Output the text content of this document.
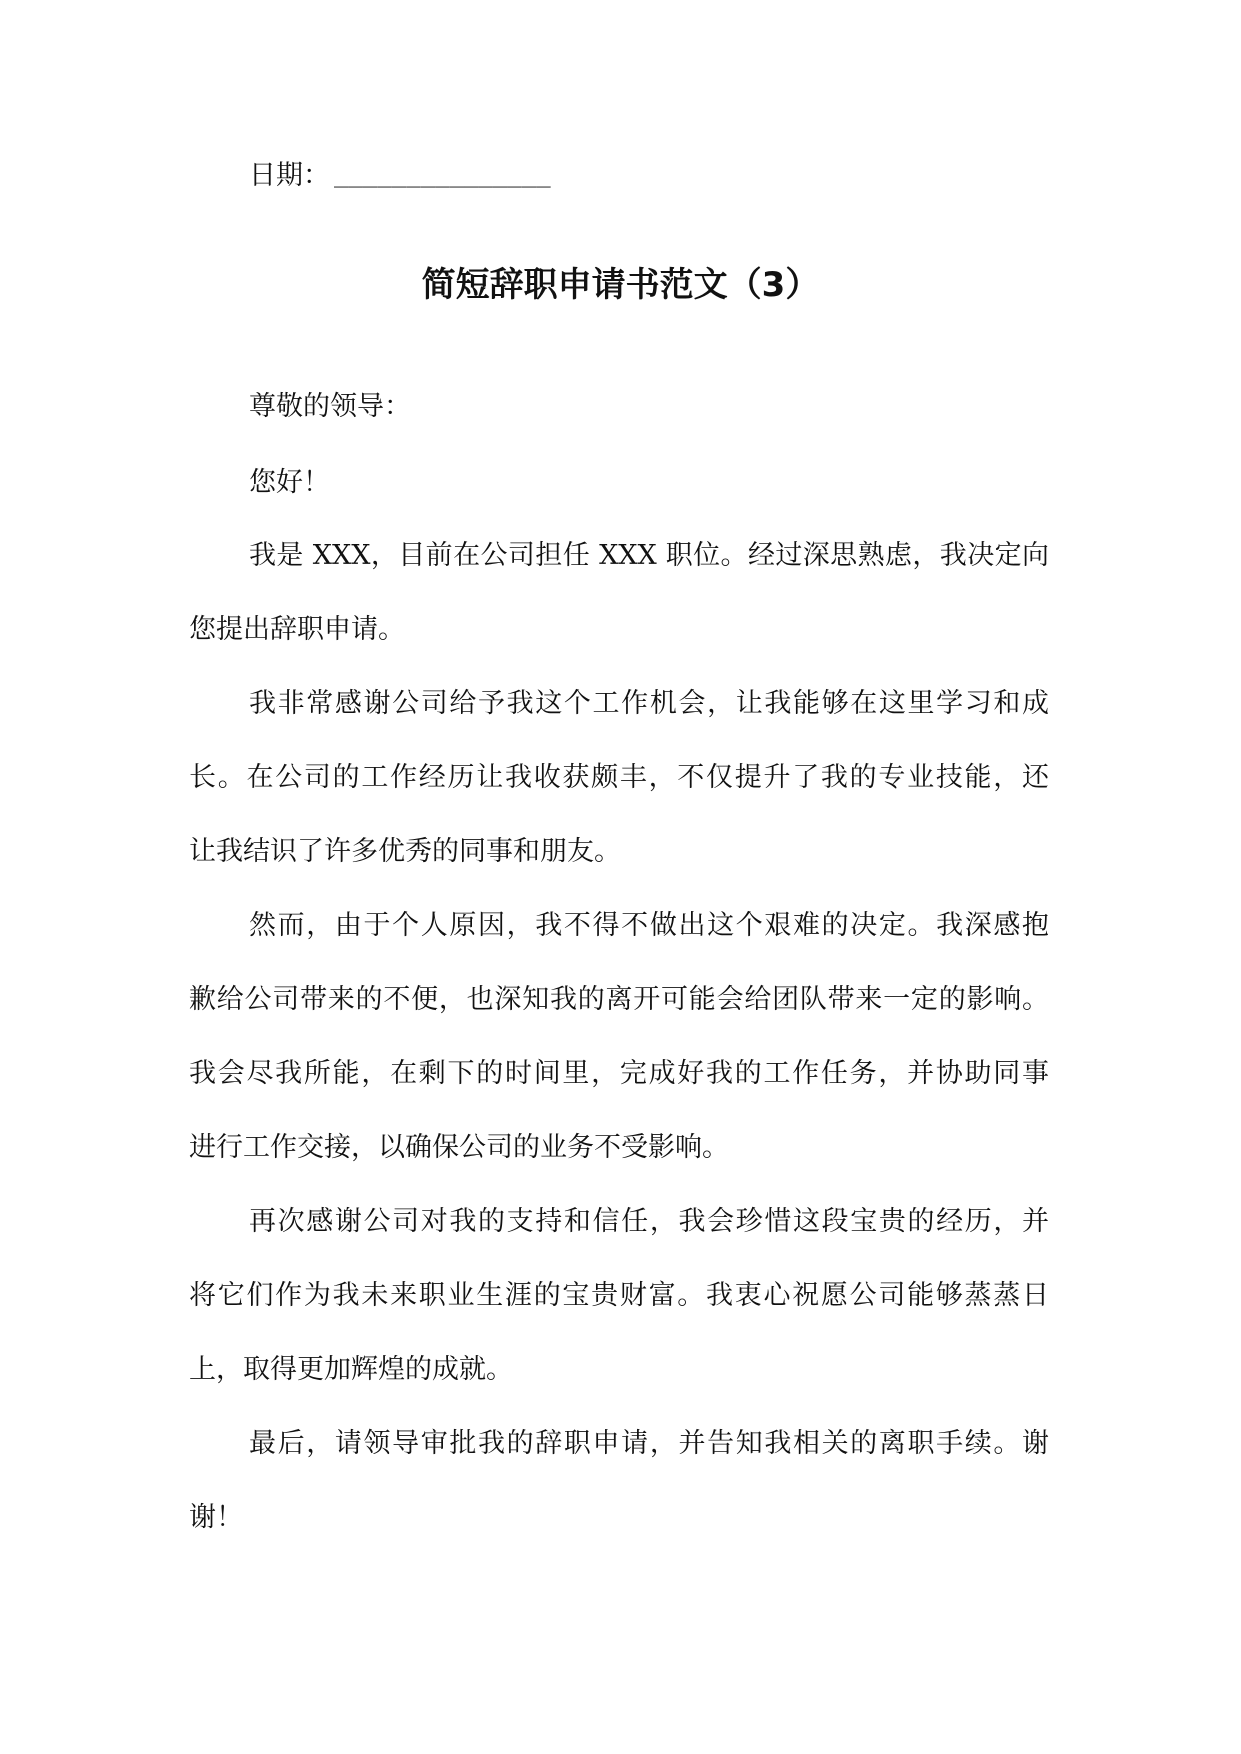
日期： _______________
简短辞职申请书范文（3）
尊敬的领导：
您好！
我是 XXX，目前在公司担任 XXX 职位。经过深思熟虑，我决定向
您提出辞职申请。
我非常感谢公司给予我这个工作机会，让我能够在这里学习和成
长。在公司的工作经历让我收获颇丰，不仅提升了我的专业技能，还
让我结识了许多优秀的同事和朋友。
然而，由于个人原因，我不得不做出这个艰难的决定。我深感抱
歉给公司带来的不便，也深知我的离开可能会给团队带来一定的影响。
我会尽我所能，在剩下的时间里，完成好我的工作任务，并协助同事
进行工作交接，以确保公司的业务不受影响。
再次感谢公司对我的支持和信任，我会珍惜这段宝贵的经历，并
将它们作为我未来职业生涯的宝贵财富。我衷心祝愿公司能够蒸蒸日
上，取得更加辉煌的成就。
最后，请领导审批我的辞职申请，并告知我相关的离职手续。谢
谢！
